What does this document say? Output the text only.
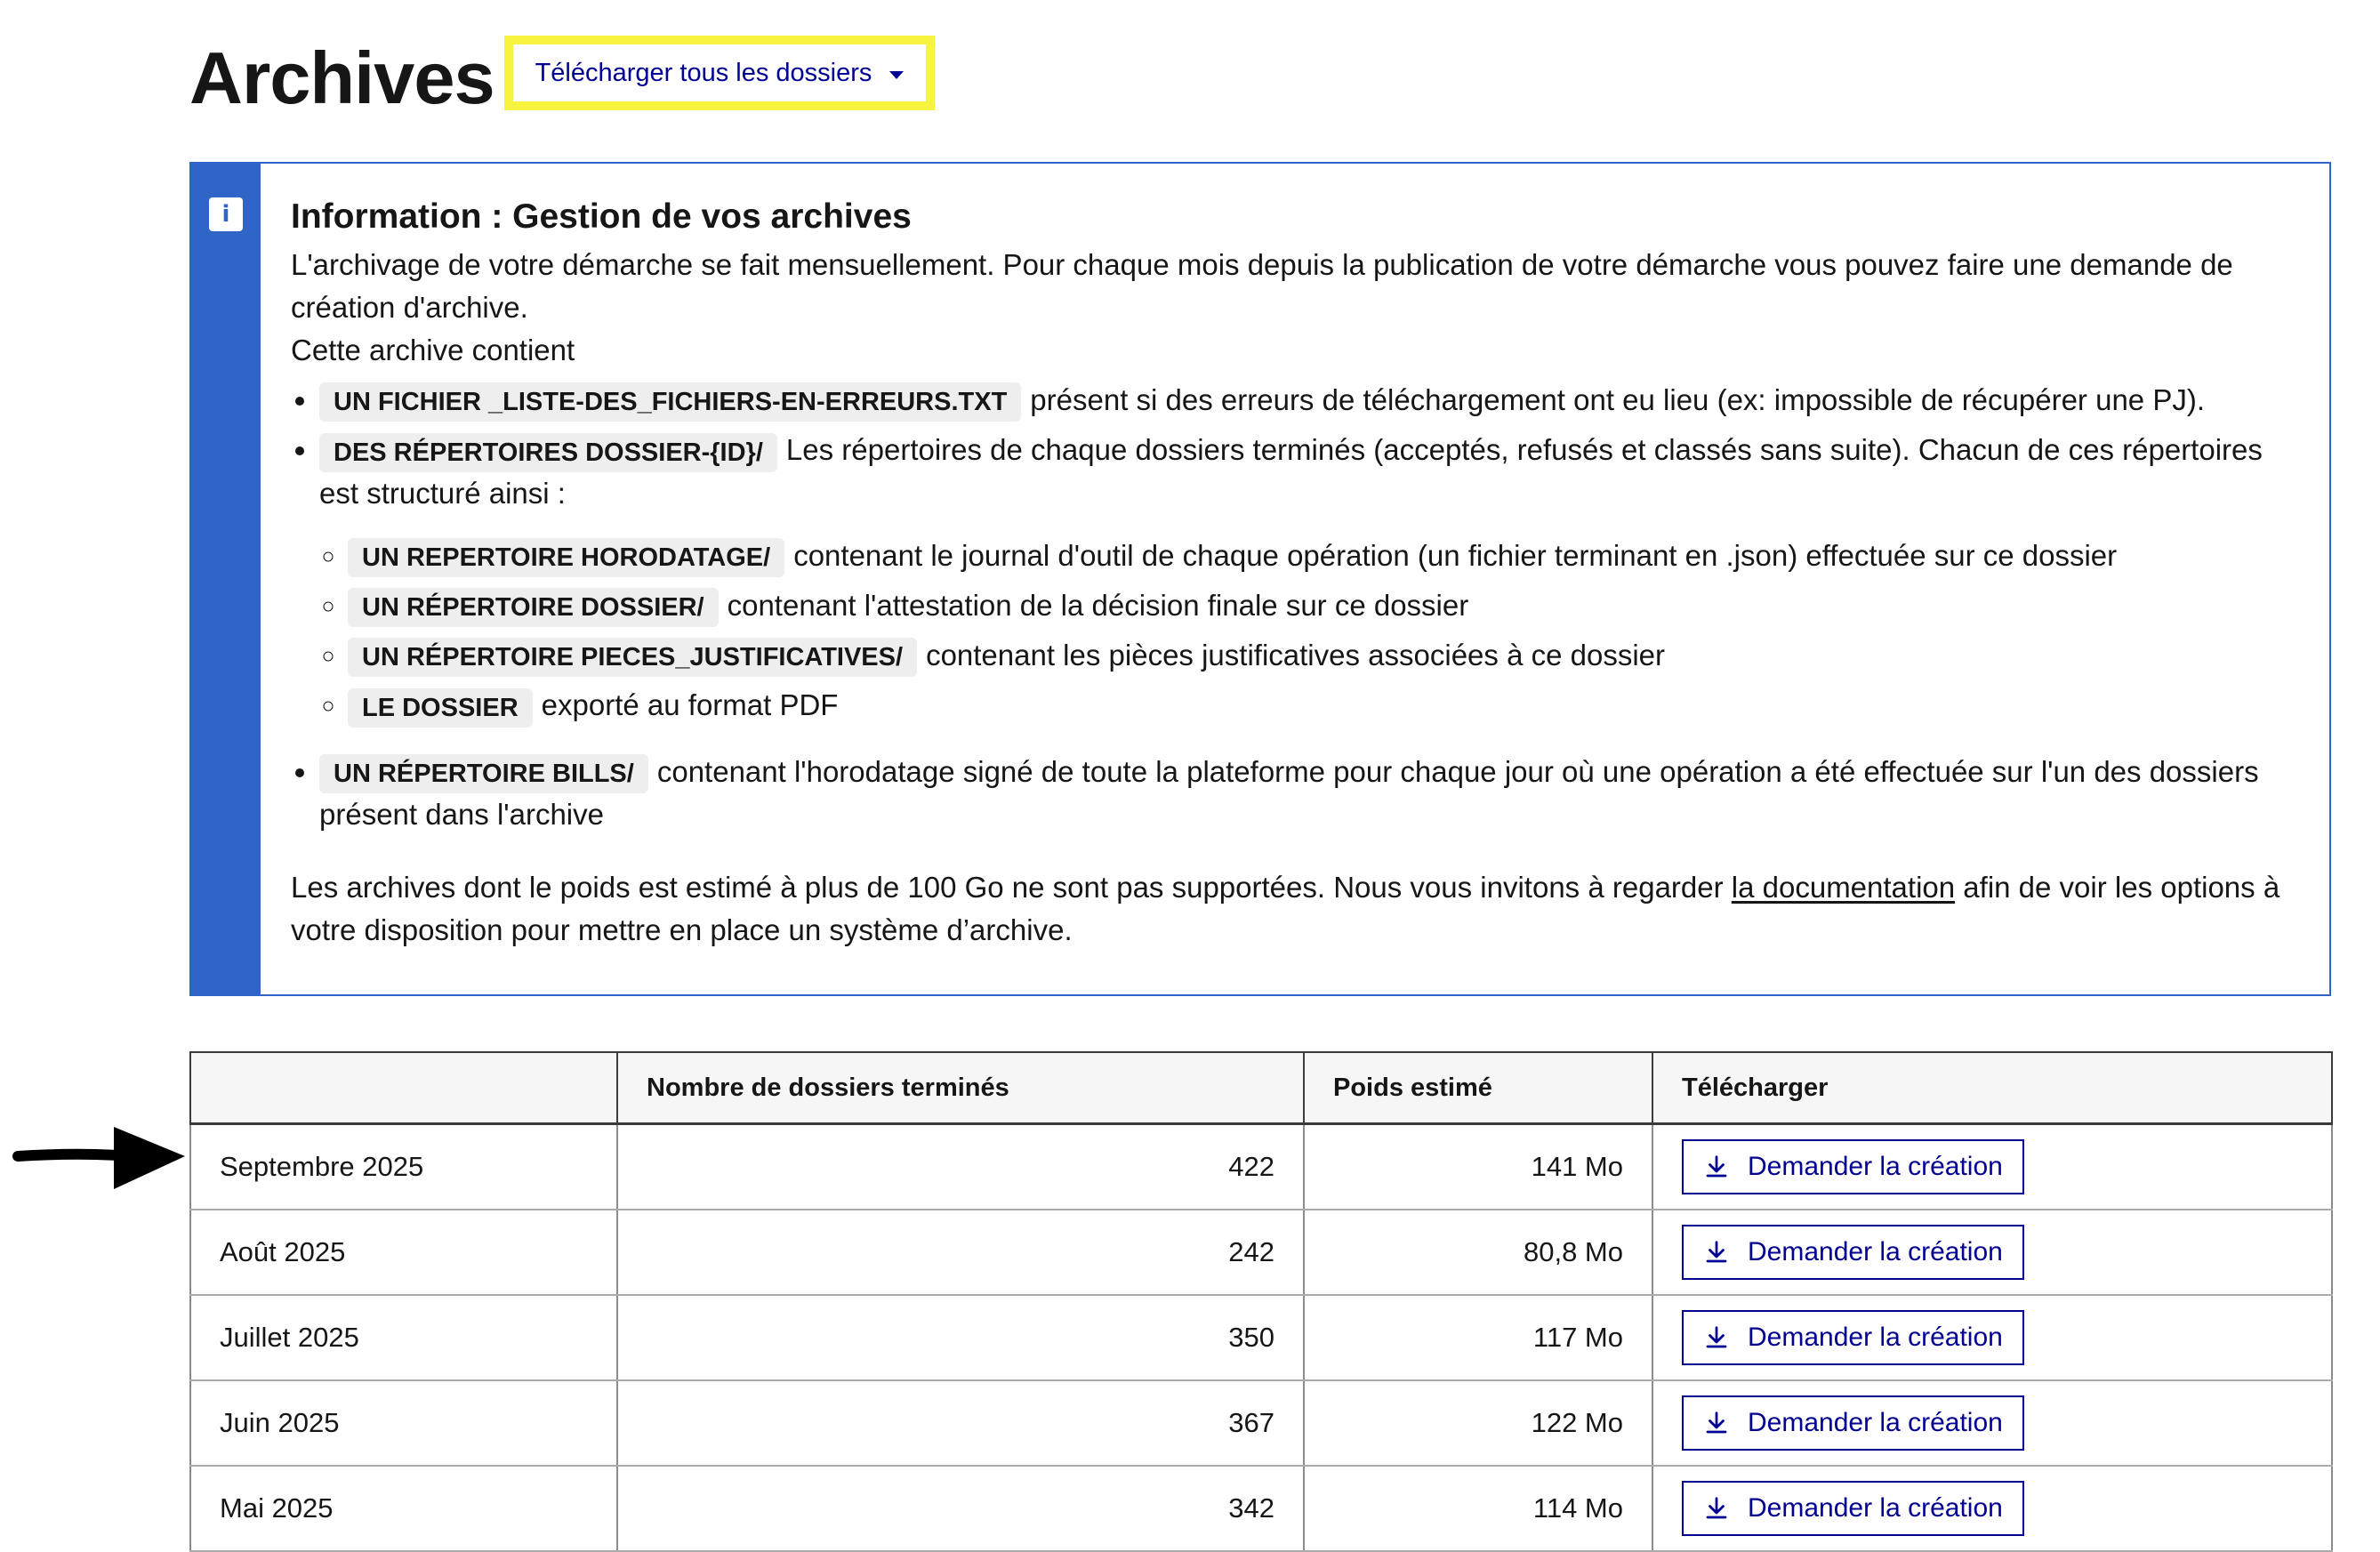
Archives Télécharger tous les dossiers
i	Information : Gestion de vos archives

L'archivage de votre démarche se fait mensuellement. Pour chaque mois depuis la publication de votre démarche vous pouvez faire une demande de création d'archive.

Cette archive contient

• UN FICHIER _LISTE-DES_FICHIERS-EN-ERREURS.TXT présent si des erreurs de téléchargement ont eu lieu (ex: impossible de récupérer une PJ).
• DES RÉPERTOIRES DOSSIER-{ID}/ Les répertoires de chaque dossiers terminés (acceptés, refusés et classés sans suite). Chacun de ces répertoires est structuré ainsi :
◦ UN REPERTOIRE HORODATAGE/ contenant le journal d'outil de chaque opération (un fichier terminant en .json) effectuée sur ce dossier
◦ UN RÉPERTOIRE DOSSIER/ contenant l'attestation de la décision finale sur ce dossier
◦ UN RÉPERTOIRE PIECES_JUSTIFICATIVES/ contenant les pièces justificatives associées à ce dossier
◦ LE DOSSIER exporté au format PDF
• UN RÉPERTOIRE BILLS/ contenant l'horodatage signé de toute la plateforme pour chaque jour où une opération a été effectuée sur l'un des dossiers présent dans l'archive

Les archives dont le poids est estimé à plus de 100 Go ne sont pas supportées. Nous vous invitons à regarder la documentation afin de voir les options à votre disposition pour mettre en place un système d’archive.

	Nombre de dossiers terminés	Poids estimé	Télécharger
Septembre 2025	422	141 Mo	Demander la création

Août 2025	242	80,8 Mo	Demander la création

Juillet 2025	350	117 Mo	Demander la création

Juin 2025	367	122 Mo	Demander la création

Mai 2025	342	114 Mo	Demander la création
